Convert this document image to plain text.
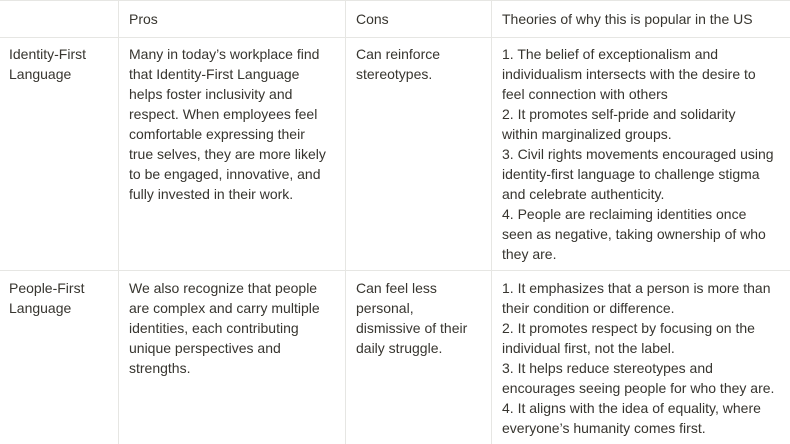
Pros	Cons	Theories of why this is popular in the US
Identity-First
Language
Many in today’s workplace find
that Identity-First Language
helps foster inclusivity and
respect. When employees feel
comfortable expressing their
true selves, they are more likely
to be engaged, innovative, and
fully invested in their work.
Can reinforce
stereotypes.
1. The belief of exceptionalism and
individualism intersects with the desire to
feel connection with others
2. It promotes self-pride and solidarity
within marginalized groups.
3. Civil rights movements encouraged using
identity-first language to challenge stigma
and celebrate authenticity.
4. People are reclaiming identities once
seen as negative, taking ownership of who
they are.
People-First
Language
We also recognize that people
are complex and carry multiple
identities, each contributing
unique perspectives and
strengths.
Can feel less
personal,
dismissive of their
daily struggle.
1. It emphasizes that a person is more than
their condition or difference.
2. It promotes respect by focusing on the
individual first, not the label.
3. It helps reduce stereotypes and
encourages seeing people for who they are.
4. It aligns with the idea of equality, where
everyone’s humanity comes first.
